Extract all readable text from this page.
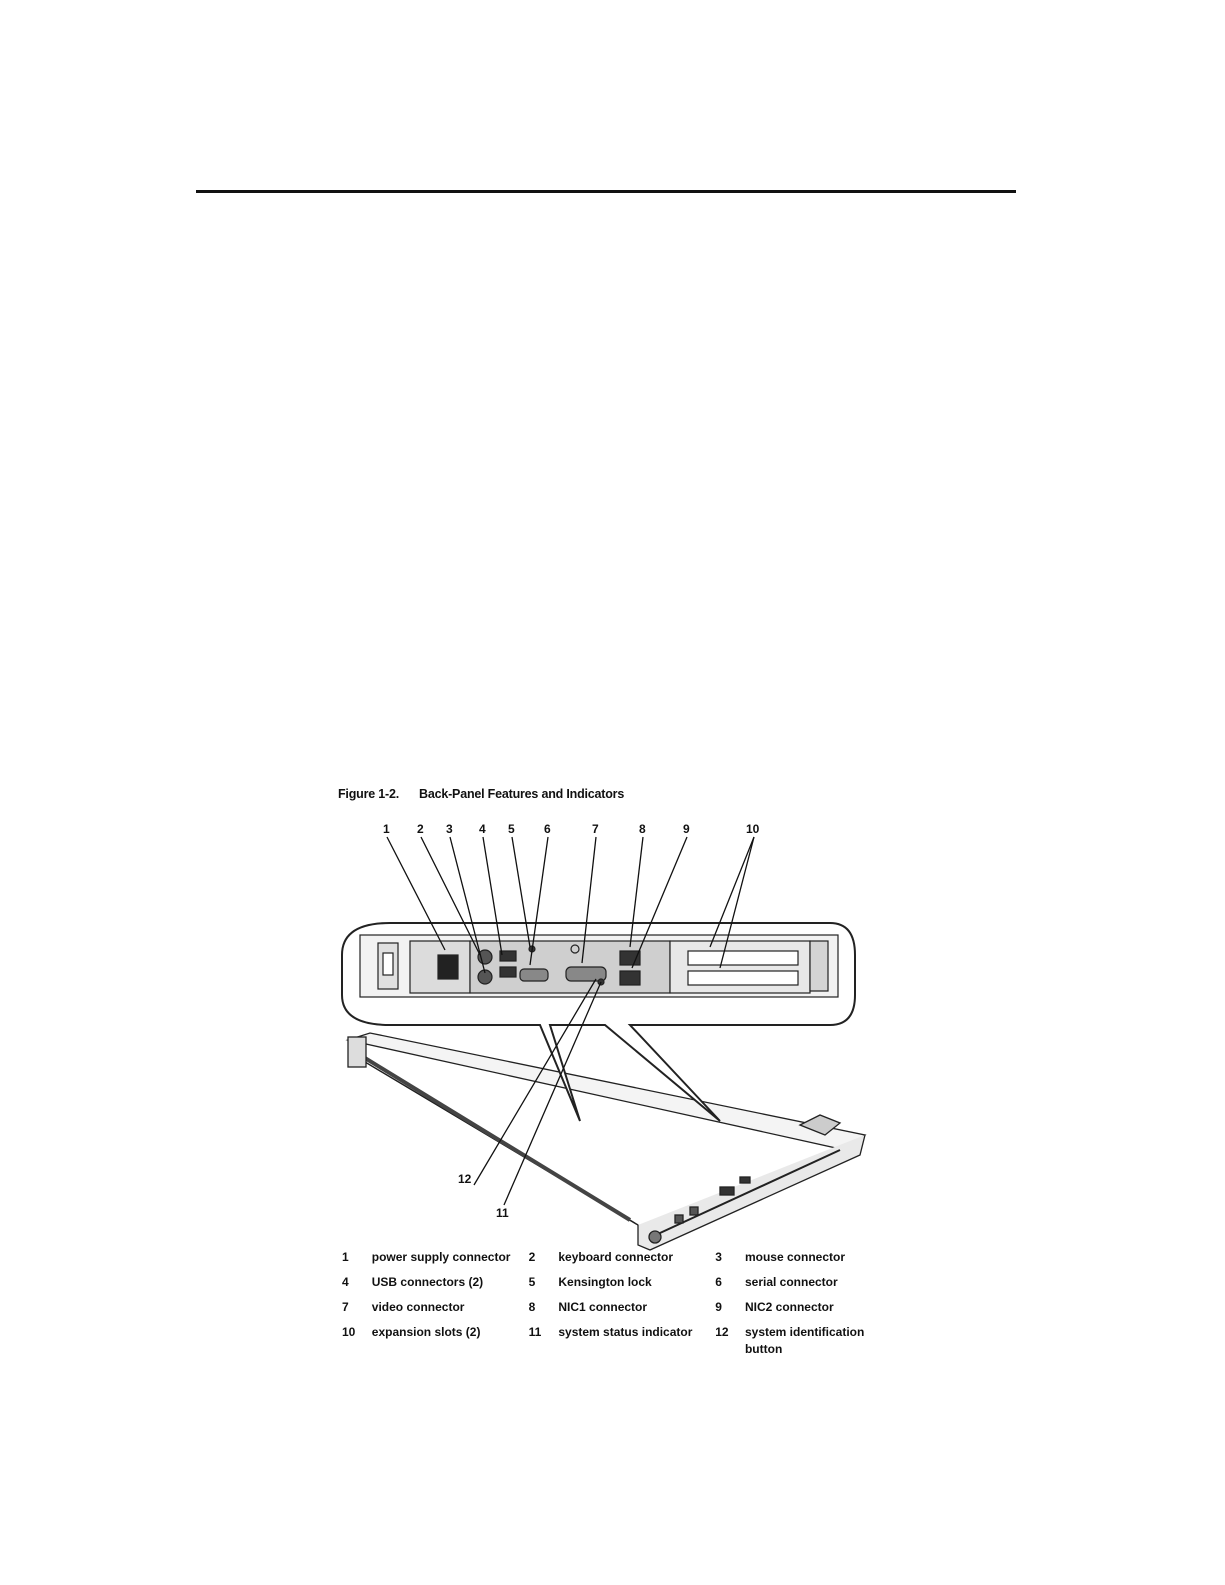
Figure 1-2. Back-Panel Features and Indicators
1 2 3 4 5 6	7	8	9	10
11
12
1	power supply connector	2	keyboard connector	3	mouse connector
4	USB connectors (2)	5	Kensington lock	6	serial connector
7	video connector	8	NIC1 connector	9	NIC2 connector
10	expansion slots (2)	11	system status indicator	12	system identification button
